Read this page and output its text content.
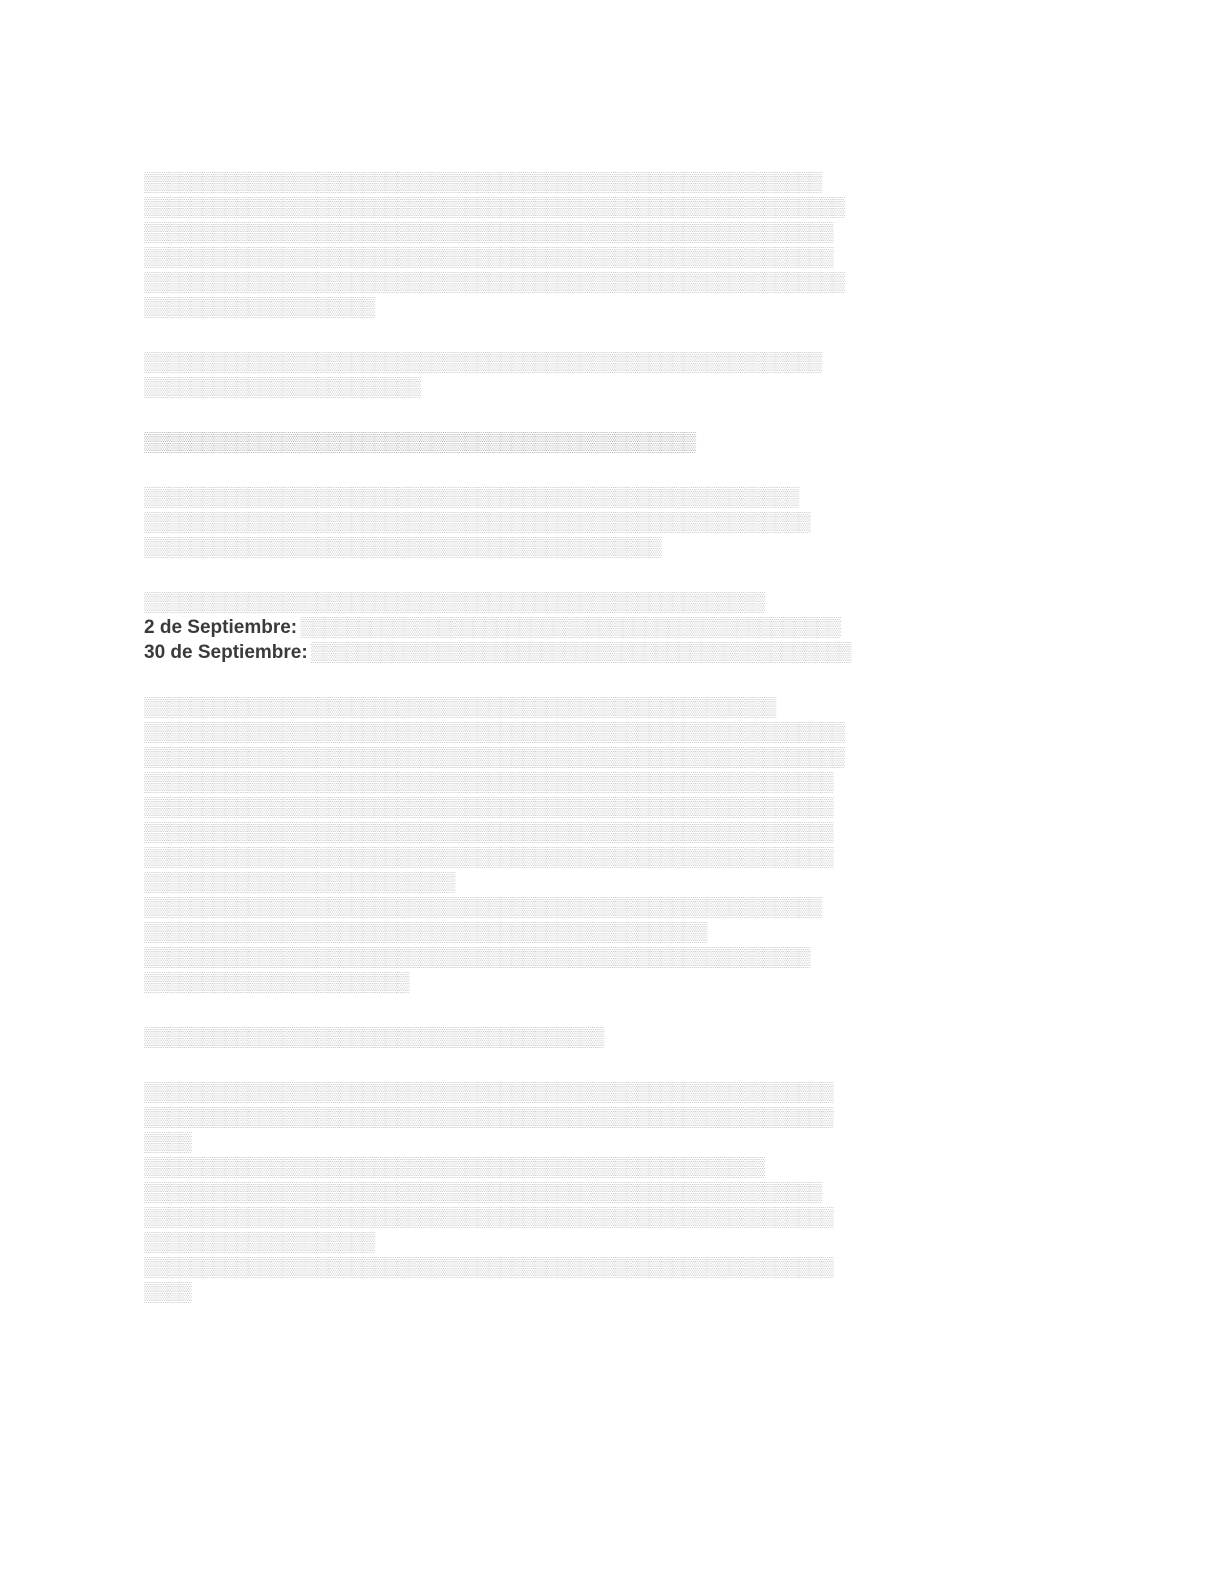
▒▒▒▒▒▒▒▒▒▒▒▒▒▒▒▒▒▒▒▒▒▒▒▒▒▒▒▒▒▒▒▒▒▒▒▒▒▒▒▒▒▒▒▒▒▒▒▒▒▒▒▒▒▒▒▒▒▒▒
▒▒▒▒▒▒▒▒▒▒▒▒▒▒▒▒▒▒▒▒▒▒▒▒▒▒▒▒▒▒▒▒▒▒▒▒▒▒▒▒▒▒▒▒▒▒▒▒▒▒▒▒▒▒▒▒▒▒▒▒▒
▒▒▒▒▒▒▒▒▒▒▒▒▒▒▒▒▒▒▒▒▒▒▒▒▒▒▒▒▒▒▒▒▒▒▒▒▒▒▒▒▒▒▒▒▒▒▒▒▒▒▒▒▒▒▒▒▒▒▒▒
▒▒▒▒▒▒▒▒▒▒▒▒▒▒▒▒▒▒▒▒▒▒▒▒▒▒▒▒▒▒▒▒▒▒▒▒▒▒▒▒▒▒▒▒▒▒▒▒▒▒▒▒▒▒▒▒▒▒▒▒
▒▒▒▒▒▒▒▒▒▒▒▒▒▒▒▒▒▒▒▒▒▒▒▒▒▒▒▒▒▒▒▒▒▒▒▒▒▒▒▒▒▒▒▒▒▒▒▒▒▒▒▒▒▒▒▒▒▒▒▒▒
▒▒▒▒▒▒▒▒▒▒▒▒▒▒▒▒▒▒▒▒
▒▒▒▒▒▒▒▒▒▒▒▒▒▒▒▒▒▒▒▒▒▒▒▒▒▒▒▒▒▒▒▒▒▒▒▒▒▒▒▒▒▒▒▒▒▒▒▒▒▒▒▒▒▒▒▒▒▒▒
▒▒▒▒▒▒▒▒▒▒▒▒▒▒▒▒▒▒▒▒▒▒▒▒
▒▒▒▒▒▒▒▒▒▒▒▒▒▒▒▒▒▒▒▒▒▒▒▒▒▒▒▒▒▒▒▒▒▒▒▒▒▒▒▒▒▒▒▒▒▒▒▒
▒▒▒▒▒▒▒▒▒▒▒▒▒▒▒▒▒▒▒▒▒▒▒▒▒▒▒▒▒▒▒▒▒▒▒▒▒▒▒▒▒▒▒▒▒▒▒▒▒▒▒▒▒▒▒▒▒
▒▒▒▒▒▒▒▒▒▒▒▒▒▒▒▒▒▒▒▒▒▒▒▒▒▒▒▒▒▒▒▒▒▒▒▒▒▒▒▒▒▒▒▒▒▒▒▒▒▒▒▒▒▒▒▒▒▒
▒▒▒▒▒▒▒▒▒▒▒▒▒▒▒▒▒▒▒▒▒▒▒▒▒▒▒▒▒▒▒▒▒▒▒▒▒▒▒▒▒▒▒▒▒
▒▒▒▒▒▒▒▒▒▒▒▒▒▒▒▒▒▒▒▒▒▒▒▒▒▒▒▒▒▒▒▒▒▒▒▒▒▒▒▒▒▒▒▒▒▒▒▒▒▒▒▒▒▒
2 de Septiembre: ▒▒▒▒▒▒▒▒▒▒▒▒▒▒▒▒▒▒▒▒▒▒▒▒▒▒▒▒▒▒▒▒▒▒▒▒▒▒▒▒▒▒▒▒▒▒▒
30 de Septiembre: ▒▒▒▒▒▒▒▒▒▒▒▒▒▒▒▒▒▒▒▒▒▒▒▒▒▒▒▒▒▒▒▒▒▒▒▒▒▒▒▒▒▒▒▒▒▒▒
▒▒▒▒▒▒▒▒▒▒▒▒▒▒▒▒▒▒▒▒▒▒▒▒▒▒▒▒▒▒▒▒▒▒▒▒▒▒▒▒▒▒▒▒▒▒▒▒▒▒▒▒▒▒▒
▒▒▒▒▒▒▒▒▒▒▒▒▒▒▒▒▒▒▒▒▒▒▒▒▒▒▒▒▒▒▒▒▒▒▒▒▒▒▒▒▒▒▒▒▒▒▒▒▒▒▒▒▒▒▒▒▒▒▒▒▒
▒▒▒▒▒▒▒▒▒▒▒▒▒▒▒▒▒▒▒▒▒▒▒▒▒▒▒▒▒▒▒▒▒▒▒▒▒▒▒▒▒▒▒▒▒▒▒▒▒▒▒▒▒▒▒▒▒▒▒▒▒
▒▒▒▒▒▒▒▒▒▒▒▒▒▒▒▒▒▒▒▒▒▒▒▒▒▒▒▒▒▒▒▒▒▒▒▒▒▒▒▒▒▒▒▒▒▒▒▒▒▒▒▒▒▒▒▒▒▒▒▒
▒▒▒▒▒▒▒▒▒▒▒▒▒▒▒▒▒▒▒▒▒▒▒▒▒▒▒▒▒▒▒▒▒▒▒▒▒▒▒▒▒▒▒▒▒▒▒▒▒▒▒▒▒▒▒▒▒▒▒▒
▒▒▒▒▒▒▒▒▒▒▒▒▒▒▒▒▒▒▒▒▒▒▒▒▒▒▒▒▒▒▒▒▒▒▒▒▒▒▒▒▒▒▒▒▒▒▒▒▒▒▒▒▒▒▒▒▒▒▒▒
▒▒▒▒▒▒▒▒▒▒▒▒▒▒▒▒▒▒▒▒▒▒▒▒▒▒▒▒▒▒▒▒▒▒▒▒▒▒▒▒▒▒▒▒▒▒▒▒▒▒▒▒▒▒▒▒▒▒▒▒
▒▒▒▒▒▒▒▒▒▒▒▒▒▒▒▒▒▒▒▒▒▒▒▒▒▒▒
▒▒▒▒▒▒▒▒▒▒▒▒▒▒▒▒▒▒▒▒▒▒▒▒▒▒▒▒▒▒▒▒▒▒▒▒▒▒▒▒▒▒▒▒▒▒▒▒▒▒▒▒▒▒▒▒▒▒▒
▒▒▒▒▒▒▒▒▒▒▒▒▒▒▒▒▒▒▒▒▒▒▒▒▒▒▒▒▒▒▒▒▒▒▒▒▒▒▒▒▒▒▒▒▒▒▒▒▒
▒▒▒▒▒▒▒▒▒▒▒▒▒▒▒▒▒▒▒▒▒▒▒▒▒▒▒▒▒▒▒▒▒▒▒▒▒▒▒▒▒▒▒▒▒▒▒▒▒▒▒▒▒▒▒▒▒▒
▒▒▒▒▒▒▒▒▒▒▒▒▒▒▒▒▒▒▒▒▒▒▒
▒▒▒▒▒▒▒▒▒▒▒▒▒▒▒▒▒▒▒▒▒▒▒▒▒▒▒▒▒▒▒▒▒▒▒▒▒▒▒▒
▒▒▒▒▒▒▒▒▒▒▒▒▒▒▒▒▒▒▒▒▒▒▒▒▒▒▒▒▒▒▒▒▒▒▒▒▒▒▒▒▒▒▒▒▒▒▒▒▒▒▒▒▒▒▒▒▒▒▒▒
▒▒▒▒▒▒▒▒▒▒▒▒▒▒▒▒▒▒▒▒▒▒▒▒▒▒▒▒▒▒▒▒▒▒▒▒▒▒▒▒▒▒▒▒▒▒▒▒▒▒▒▒▒▒▒▒▒▒▒▒
▒▒▒▒
▒▒▒▒▒▒▒▒▒▒▒▒▒▒▒▒▒▒▒▒▒▒▒▒▒▒▒▒▒▒▒▒▒▒▒▒▒▒▒▒▒▒▒▒▒▒▒▒▒▒▒▒▒▒
▒▒▒▒▒▒▒▒▒▒▒▒▒▒▒▒▒▒▒▒▒▒▒▒▒▒▒▒▒▒▒▒▒▒▒▒▒▒▒▒▒▒▒▒▒▒▒▒▒▒▒▒▒▒▒▒▒▒▒
▒▒▒▒▒▒▒▒▒▒▒▒▒▒▒▒▒▒▒▒▒▒▒▒▒▒▒▒▒▒▒▒▒▒▒▒▒▒▒▒▒▒▒▒▒▒▒▒▒▒▒▒▒▒▒▒▒▒▒▒
▒▒▒▒▒▒▒▒▒▒▒▒▒▒▒▒▒▒▒▒
▒▒▒▒▒▒▒▒▒▒▒▒▒▒▒▒▒▒▒▒▒▒▒▒▒▒▒▒▒▒▒▒▒▒▒▒▒▒▒▒▒▒▒▒▒▒▒▒▒▒▒▒▒▒▒▒▒▒▒▒
▒▒▒▒
